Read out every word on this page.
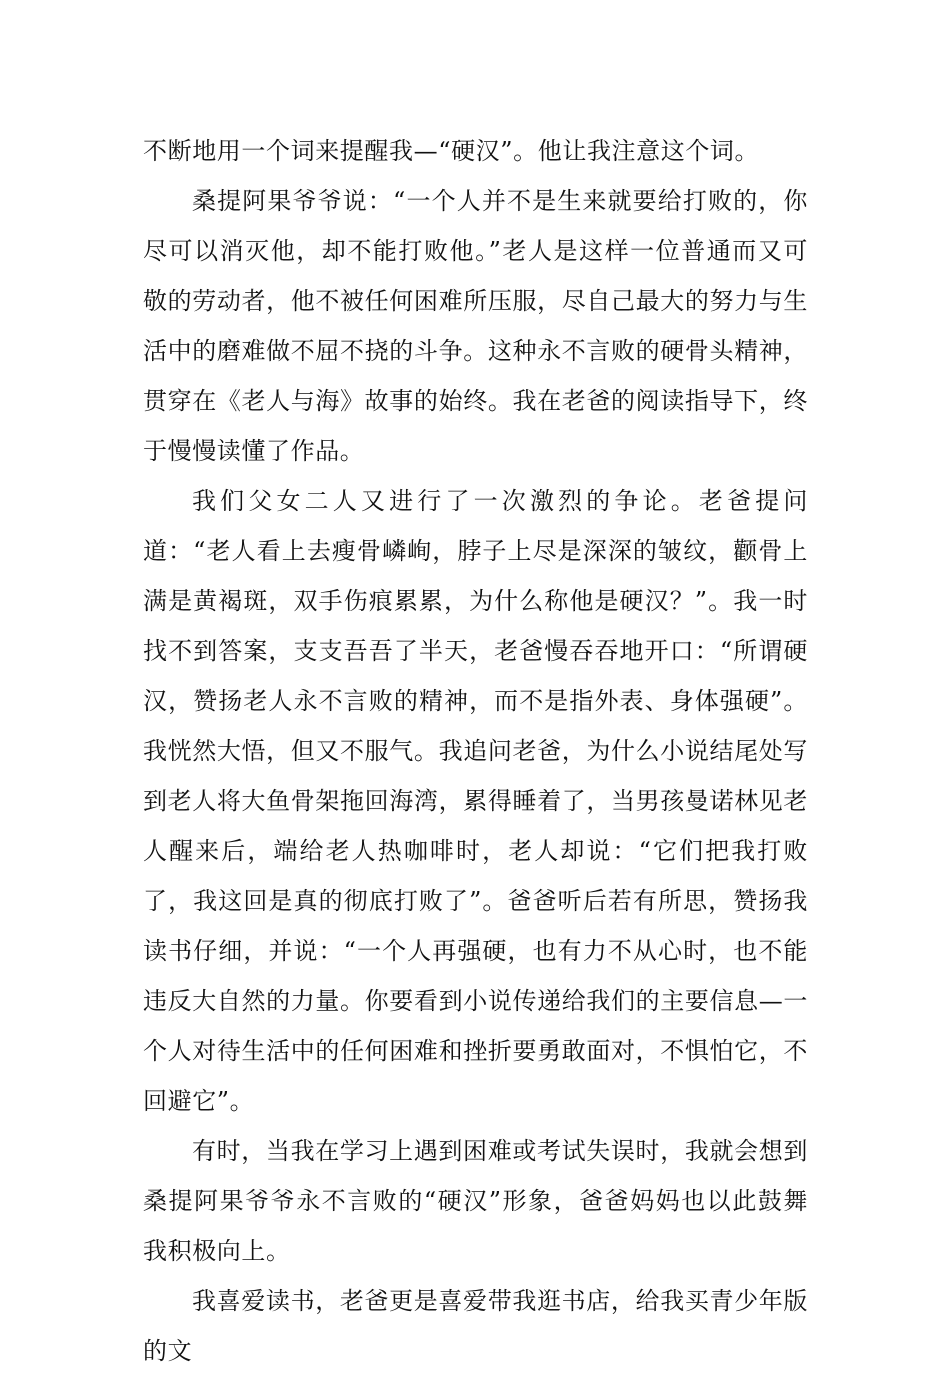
不断地用一个词来提醒我—“硬汉”。他让我注意这个词。

桑提阿果爷爷说：“一个人并不是生来就要给打败的，你尽可以消灭他，却不能打败他。”老人是这样一位普通而又可敬的劳动者，他不被任何困难所压服，尽自己最大的努力与生活中的磨难做不屈不挠的斗争。这种永不言败的硬骨头精神，贯穿在《老人与海》故事的始终。我在老爸的阅读指导下，终于慢慢读懂了作品。

我们父女二人又进行了一次激烈的争论。老爸提问道：“老人看上去瘦骨嶙峋，脖子上尽是深深的皱纹，颧骨上满是黄褐斑，双手伤痕累累，为什么称他是硬汉？”。我一时找不到答案，支支吾吾了半天，老爸慢吞吞地开口：“所谓硬汉，赞扬老人永不言败的精神，而不是指外表、身体强硬”。我恍然大悟，但又不服气。我追问老爸，为什么小说结尾处写到老人将大鱼骨架拖回海湾，累得睡着了，当男孩曼诺林见老人醒来后，端给老人热咖啡时，老人却说：“它们把我打败了，我这回是真的彻底打败了”。爸爸听后若有所思，赞扬我读书仔细，并说：“一个人再强硬，也有力不从心时，也不能违反大自然的力量。你要看到小说传递给我们的主要信息—一个人对待生活中的任何困难和挫折要勇敢面对，不惧怕它，不回避它”。

有时，当我在学习上遇到困难或考试失误时，我就会想到桑提阿果爷爷永不言败的“硬汉”形象，爸爸妈妈也以此鼓舞我积极向上。

我喜爱读书，老爸更是喜爱带我逛书店，给我买青少年版的文
